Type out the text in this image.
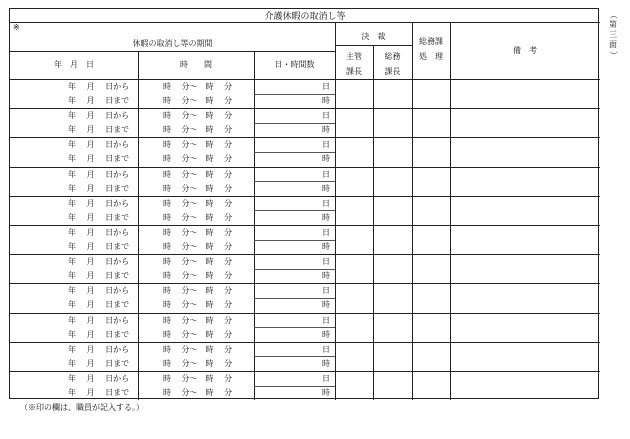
介護休暇の取消し等
※
休暇の取消し等の期間
年　月　日	時　　間	日・時間数
決　裁
主管
課長
総務
課長
総務課
処　理
備　考
年　 月　 日から
年　 月　 日まで
時　 分〜　時　 分
時　 分〜　時　 分
日
時
年　 月　 日から
年　 月　 日まで
時　 分〜　時　 分
時　 分〜　時　 分
日
時
年　 月　 日から
年　 月　 日まで
時　 分〜　時　 分
時　 分〜　時　 分
日
時
年　 月　 日から
年　 月　 日まで
時　 分〜　時　 分
時　 分〜　時　 分
日
時
年　 月　 日から
年　 月　 日まで
時　 分〜　時　 分
時　 分〜　時　 分
日
時
年　 月　 日から
年　 月　 日まで
時　 分〜　時　 分
時　 分〜　時　 分
日
時
年　 月　 日から
年　 月　 日まで
時　 分〜　時　 分
時　 分〜　時　 分
日
時
年　 月　 日から
年　 月　 日まで
時　 分〜　時　 分
時　 分〜　時　 分
日
時
年　 月　 日から
年　 月　 日まで
時　 分〜　時　 分
時　 分〜　時　 分
日
時
年　 月　 日から
年　 月　 日まで
時　 分〜　時　 分
時　 分〜　時　 分
日
時
年　 月　 日から
年　 月　 日まで
時　 分〜　時　 分
時　 分〜　時　 分
日
時
（
第
三
面
）
（※印の欄は、職員が記入する。）
